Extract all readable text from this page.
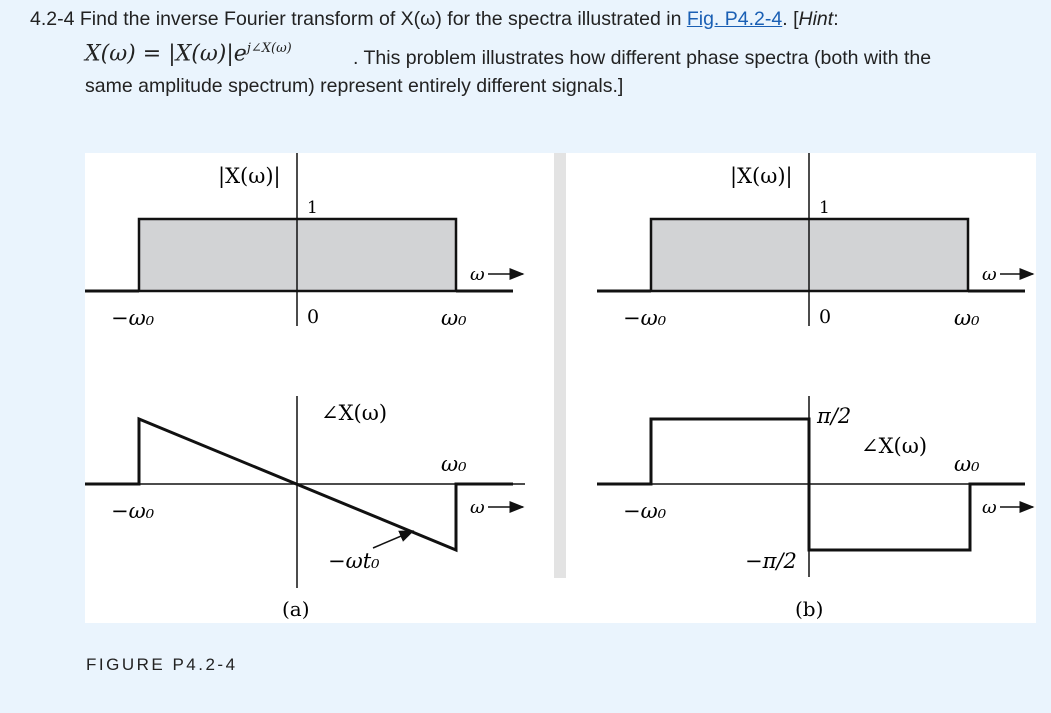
4.2-4 Find the inverse Fourier transform of X(ω) for the spectra illustrated in Fig. P4.2-4. [Hint:
$X(\omega) = |X(\omega)|e^{j\angle X(\omega)}$	. This problem illustrates how different phase spectra (both with the
same amplitude spectrum) represent entirely different signals.]
|X(ω)|
1
−ω₀	0	ω₀
ω
∠X(ω)
ω₀
−ω₀	ω
−ωt₀
(a)
|X(ω)|
1
−ω₀	0	ω₀
ω
π/2
∠X(ω)
ω₀
−ω₀	ω
−π/2
(b)
FIGURE P4.2-4
